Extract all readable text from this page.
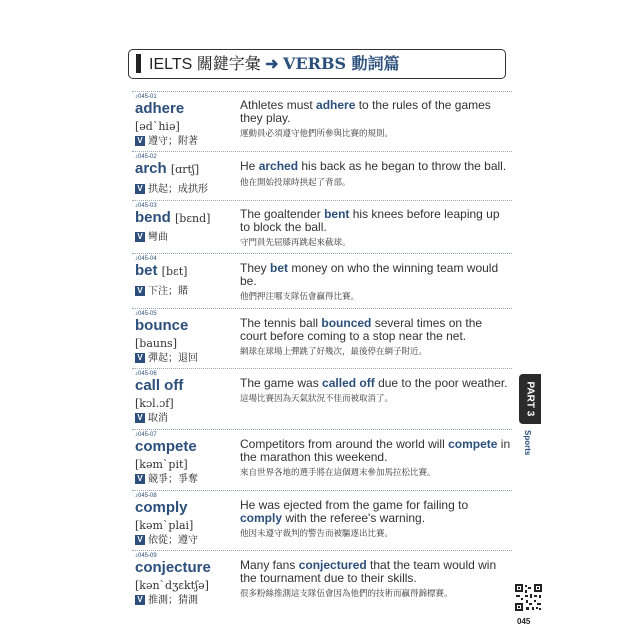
IELTS 關鍵字彙 ➜ VERBS 動詞篇
♪045-01
adhere
[əd`hiə]
V 遵守；附著
Athletes must adhere to the rules of the games they play.
運動員必須遵守他們所參與比賽的規則。
♪045-02
arch [ɑrtʃ]
V 拱起；成拱形
He arched his back as he began to throw the ball.
他在開始投球時拱起了背部。
♪045-03
bend [bɛnd]
V 彎曲
The goaltender bent his knees before leaping up to block the ball.
守門員先屈膝再跳起來截球。
♪045-04
bet [bɛt]
V 下注；賭
They bet money on who the winning team would be.
他們押注哪支隊伍會贏得比賽。
♪045-05
bounce
[bauns]
V 彈起；退回
The tennis ball bounced several times on the court before coming to a stop near the net.
網球在球場上彈跳了好幾次，最後停在網子附近。
♪045-06
call off
[kɔl.ɔf]
V 取消
The game was called off due to the poor weather.
這場比賽因為天氣狀況不佳而被取消了。
♪045-07
compete
[kəm`pit]
V 競爭；爭奪
Competitors from around the world will compete in the marathon this weekend.
來自世界各地的選手將在這個週末參加馬拉松比賽。
♪045-08
comply
[kəm`plai]
V 依從；遵守
He was ejected from the game for failing to comply with the referee's warning.
他因未遵守裁判的警告而被驅逐出比賽。
♪045-09
conjecture
[kən`dʒɛktʃə]
V 推測；猜測
Many fans conjectured that the team would win the tournament due to their skills.
很多粉絲推測這支隊伍會因為他們的技術而贏得錦標賽。
PART 3
Sports
045
